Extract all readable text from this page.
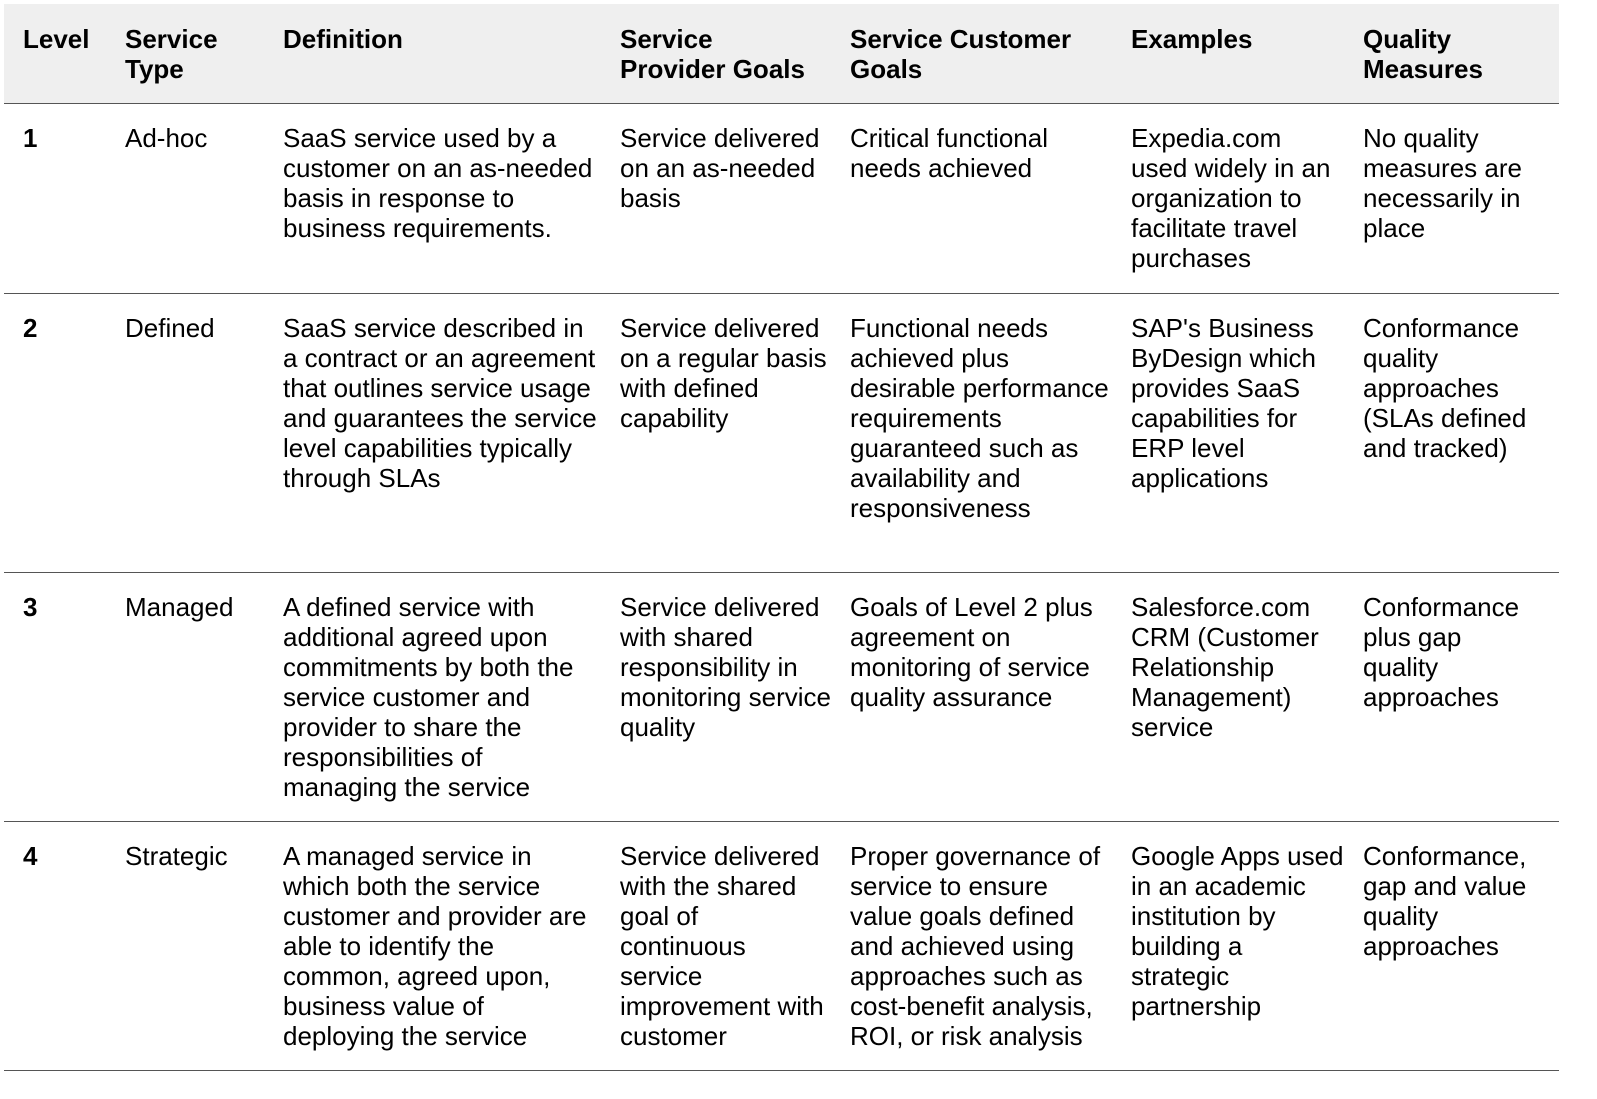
Level	Service Type	Definition	Service Provider Goals	Service Customer Goals	Examples	Quality Measures
1	Ad-hoc	SaaS service used by a customer on an as-needed basis in response to business requirements.	Service delivered on an as-needed basis	Critical functional needs achieved	Expedia.com used widely in an organization to facilitate travel purchases	No quality measures are necessarily in place
2	Defined	SaaS service described in a contract or an agreement that outlines service usage and guarantees the service level capabilities typically through SLAs	Service delivered on a regular basis with defined capability	Functional needs achieved plus desirable performance requirements guaranteed such as availability and responsiveness	SAP's Business ByDesign which provides SaaS capabilities for ERP level applications	Conformance quality approaches (SLAs defined and tracked)
3	Managed	A defined service with additional agreed upon commitments by both the service customer and provider to share the responsibilities of managing the service	Service delivered with shared responsibility in monitoring service quality	Goals of Level 2 plus agreement on monitoring of service quality assurance	Salesforce.com CRM (Customer Relationship Management) service	Conformance plus gap quality approaches
4	Strategic	A managed service in which both the service customer and provider are able to identify the common, agreed upon, business value of deploying the service	Service delivered with the shared goal of continuous service improvement with customer	Proper governance of service to ensure value goals defined and achieved using approaches such as cost-benefit analysis, ROI, or risk analysis	Google Apps used in an academic institution by building a strategic partnership	Conformance, gap and value quality approaches
